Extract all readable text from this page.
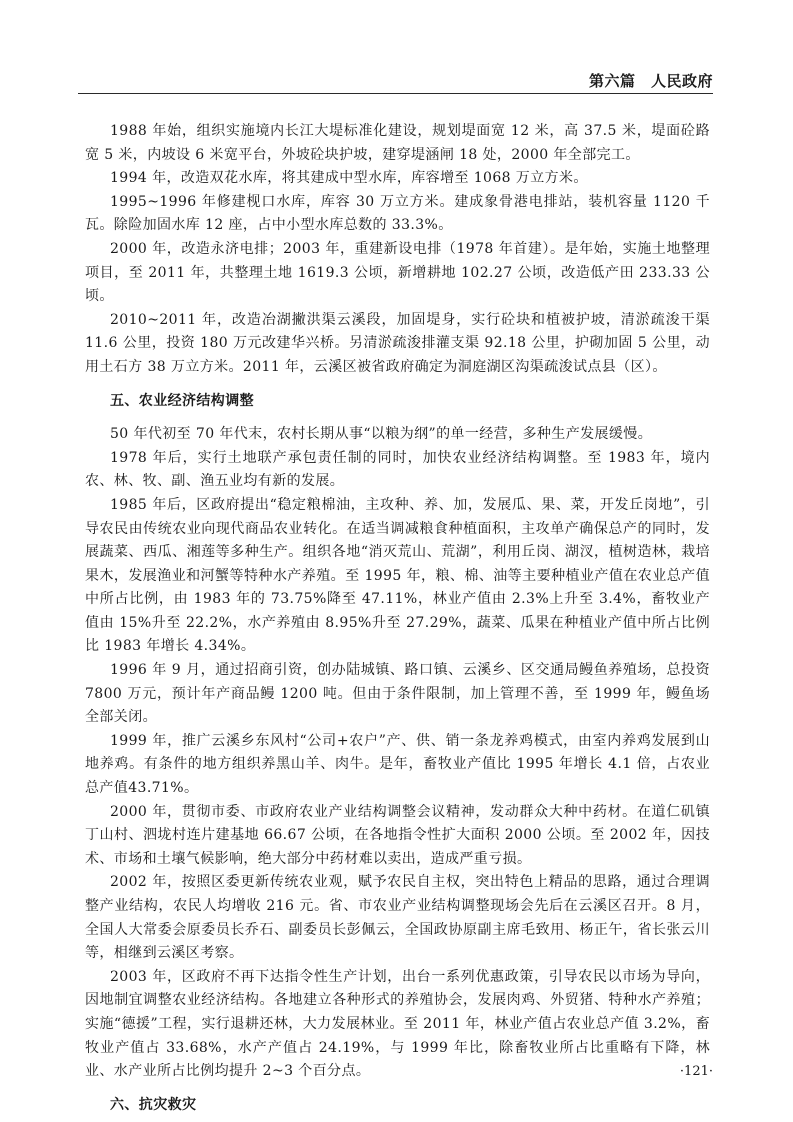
第六篇　人民政府

1988 年始，组织实施境内长江大堤标准化建设，规划堤面宽 12 米，高 37.5 米，堤面砼路宽 5 米，内坡设 6 米宽平台，外坡砼块护坡，建穿堤涵闸 18 处，2000 年全部完工。

1994 年，改造双花水库，将其建成中型水库，库容增至 1068 万立方米。

1995~1996 年修建枧口水库，库容 30 万立方米。建成象骨港电排站，装机容量 1120 千瓦。除险加固水库 12 座，占中小型水库总数的 33.3%。

2000 年，改造永济电排；2003 年，重建新设电排（1978 年首建）。是年始，实施土地整理项目，至 2011 年，共整理土地 1619.3 公顷，新增耕地 102.27 公顷，改造低产田 233.33 公顷。

2010~2011 年，改造冶湖撇洪渠云溪段，加固堤身，实行砼块和植被护坡，清淤疏浚干渠 11.6 公里，投资 180 万元改建华兴桥。另清淤疏浚排灌支渠 92.18 公里，护砌加固 5 公里，动用土石方 38 万立方米。2011 年，云溪区被省政府确定为洞庭湖区沟渠疏浚试点县（区）。

五、农业经济结构调整

50 年代初至 70 年代末，农村长期从事“以粮为纲”的单一经营，多种生产发展缓慢。

1978 年后，实行土地联产承包责任制的同时，加快农业经济结构调整。至 1983 年，境内农、林、牧、副、渔五业均有新的发展。

1985 年后，区政府提出“稳定粮棉油，主攻种、养、加，发展瓜、果、菜，开发丘岗地”，引导农民由传统农业向现代商品农业转化。在适当调减粮食种植面积，主攻单产确保总产的同时，发展蔬菜、西瓜、湘莲等多种生产。组织各地“消灭荒山、荒湖”，利用丘岗、湖汊，植树造林，栽培果木，发展渔业和河蟹等特种水产养殖。至 1995 年，粮、棉、油等主要种植业产值在农业总产值中所占比例，由 1983 年的 73.75%降至 47.11%，林业产值由 2.3%上升至 3.4%，畜牧业产值由 15%升至 22.2%，水产养殖由 8.95%升至 27.29%，蔬菜、瓜果在种植业产值中所占比例比 1983 年增长 4.34%。

1996 年 9 月，通过招商引资，创办陆城镇、路口镇、云溪乡、区交通局鳗鱼养殖场，总投资 7800 万元，预计年产商品鳗 1200 吨。但由于条件限制，加上管理不善，至 1999 年，鳗鱼场全部关闭。

1999 年，推广云溪乡东风村“公司+农户”产、供、销一条龙养鸡模式，由室内养鸡发展到山地养鸡。有条件的地方组织养黑山羊、肉牛。是年，畜牧业产值比 1995 年增长 4.1 倍，占农业总产值43.71%。

2000 年，贯彻市委、市政府农业产业结构调整会议精神，发动群众大种中药材。在道仁矶镇丁山村、泗垅村连片建基地 66.67 公顷，在各地指令性扩大面积 2000 公顷。至 2002 年，因技术、市场和土壤气候影响，绝大部分中药材难以卖出，造成严重亏损。

2002 年，按照区委更新传统农业观，赋予农民自主权，突出特色上精品的思路，通过合理调整产业结构，农民人均增收 216 元。省、市农业产业结构调整现场会先后在云溪区召开。8 月，全国人大常委会原委员长乔石、副委员长彭佩云，全国政协原副主席毛致用、杨正午，省长张云川等，相继到云溪区考察。

2003 年，区政府不再下达指令性生产计划，出台一系列优惠政策，引导农民以市场为导向，因地制宜调整农业经济结构。各地建立各种形式的养殖协会，发展肉鸡、外贸猪、特种水产养殖；实施“德援”工程，实行退耕还林，大力发展林业。至 2011 年，林业产值占农业总产值 3.2%，畜牧业产值占 33.68%，水产产值占 24.19%，与 1999 年比，除畜牧业所占比重略有下降，林业、水产业所占比例均提升 2~3 个百分点。

六、抗灾救灾
·121·
